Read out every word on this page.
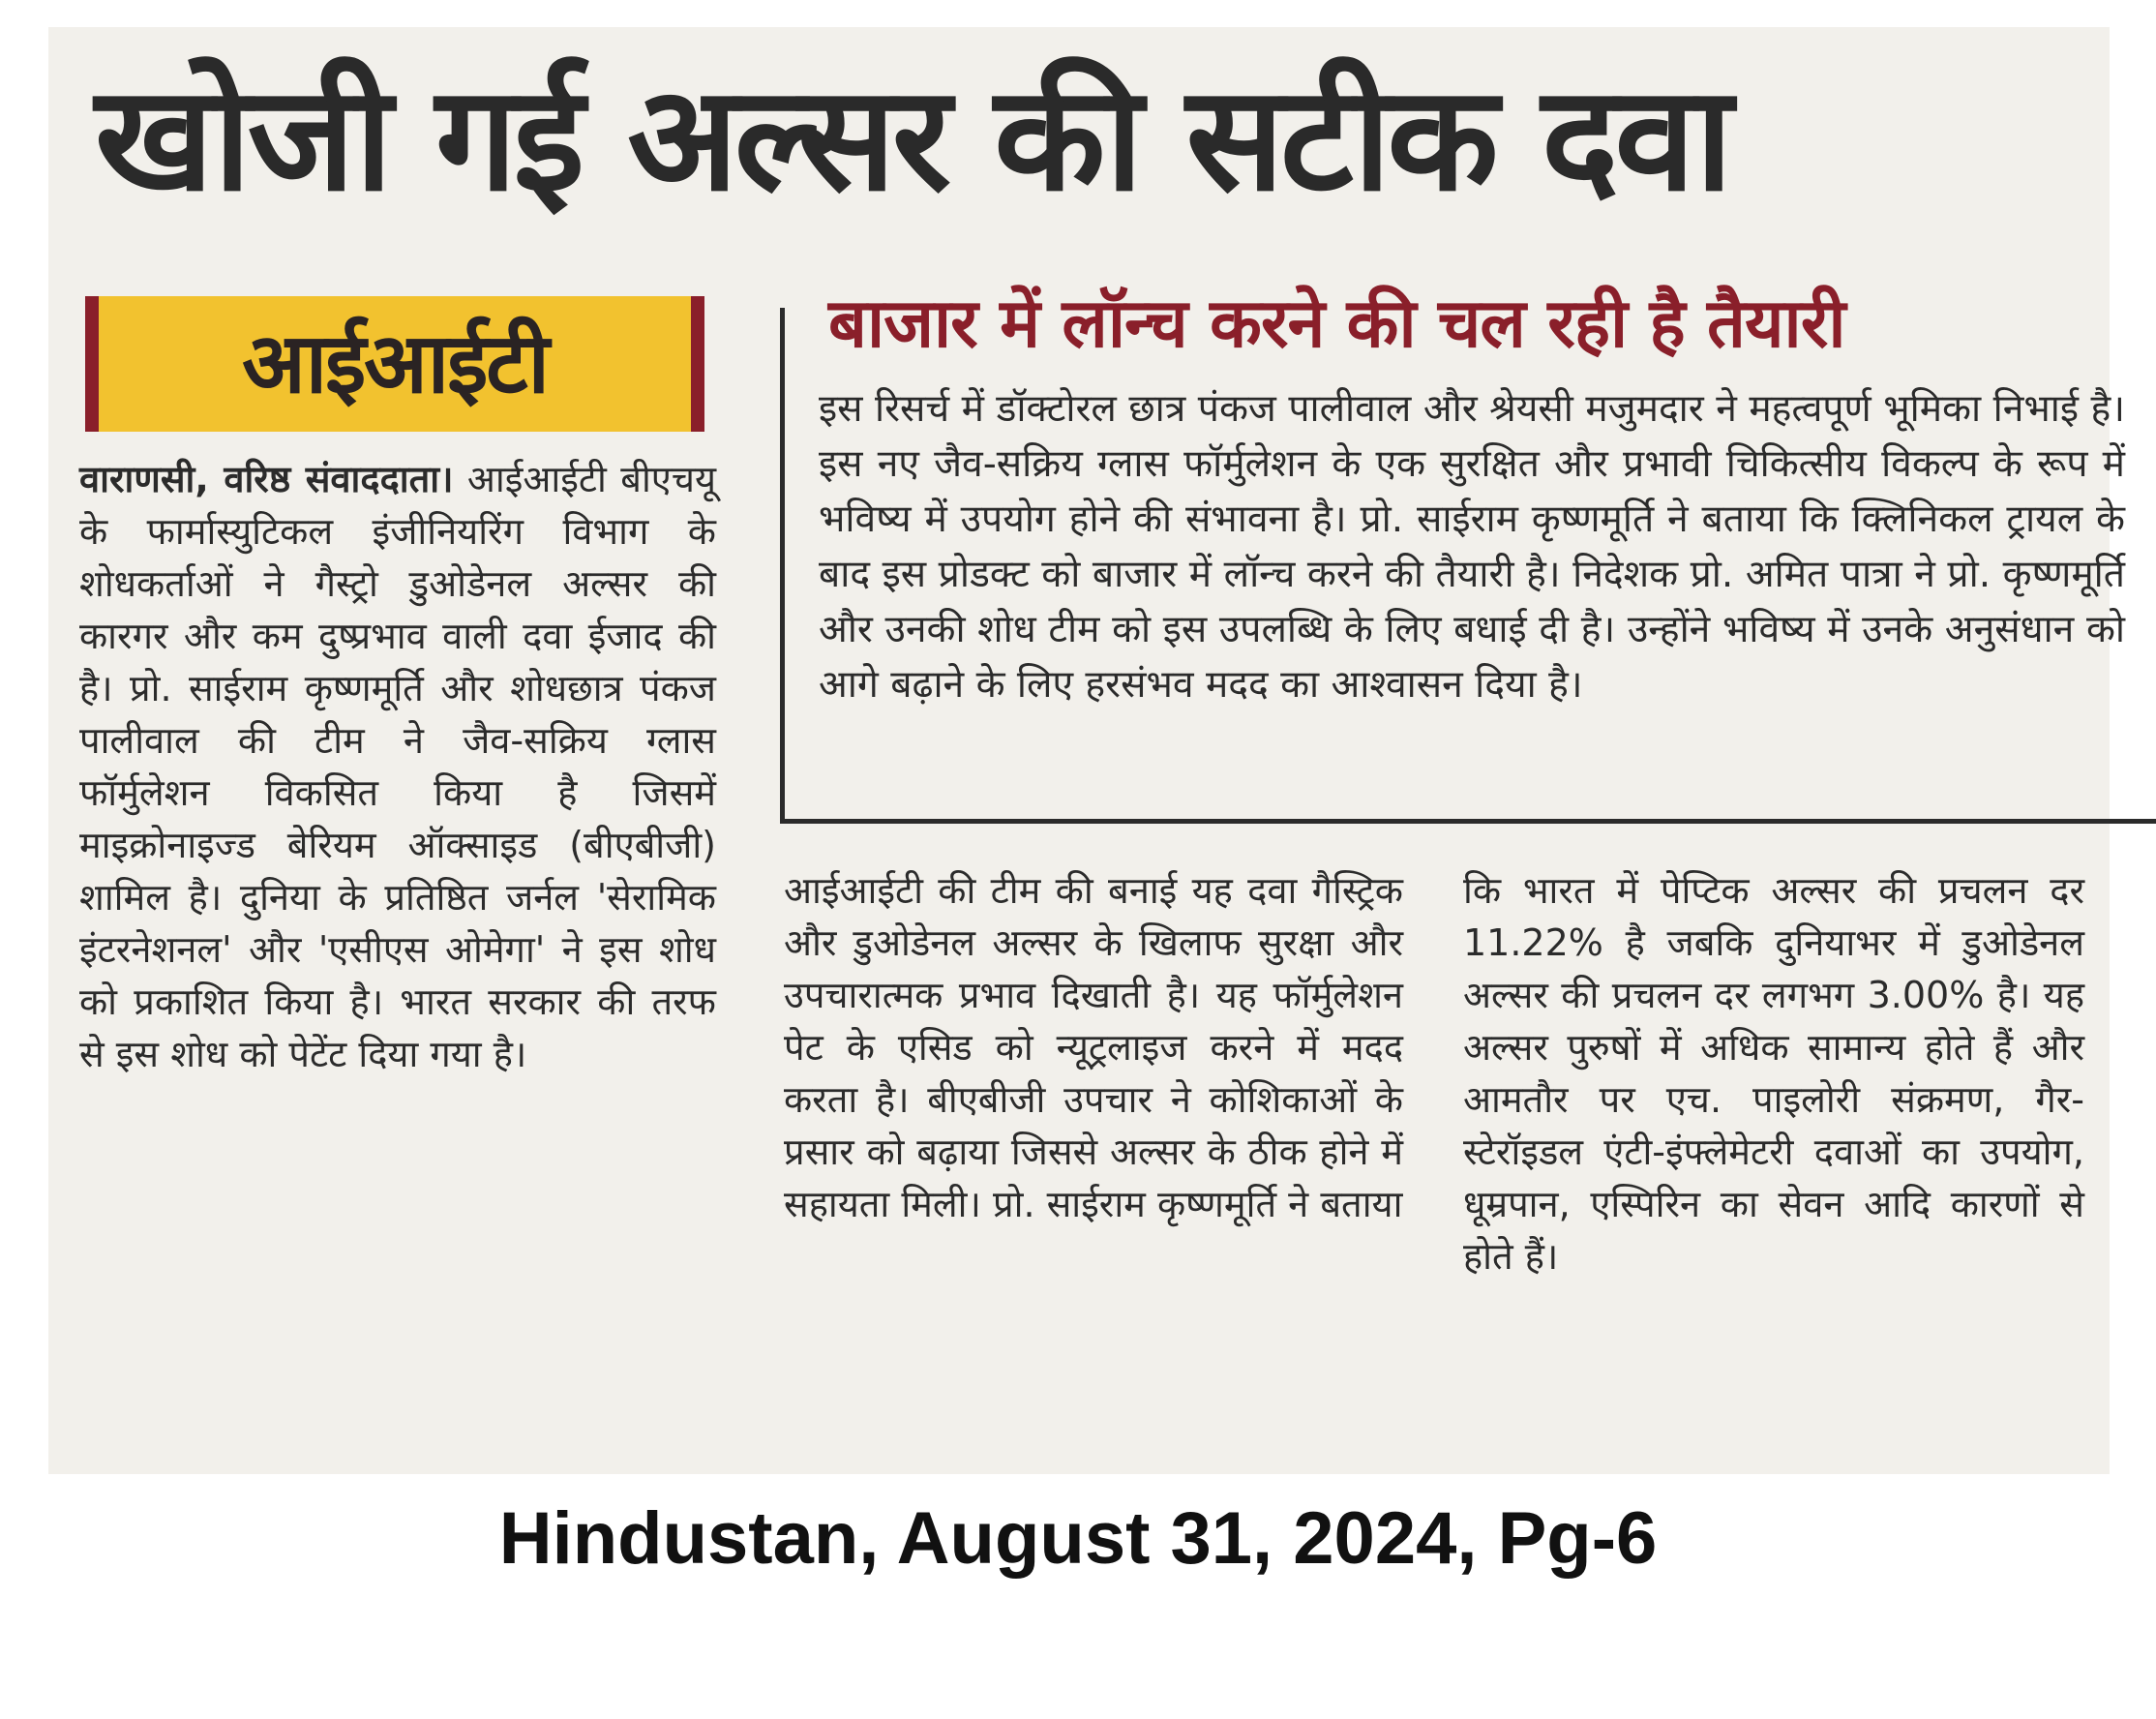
खोजी गई अल्सर की सटीक दवा
आईआईटी
वाराणसी, वरिष्ठ संवाददाता। आईआईटी बीएचयू के फार्मास्युटिकल इंजीनियरिंग विभाग के शोधकर्ताओं ने गैस्ट्रो डुओडेनल अल्सर की कारगर और कम दुष्प्रभाव वाली दवा ईजाद की है। प्रो. साईराम कृष्णमूर्ति और शोधछात्र पंकज पालीवाल की टीम ने जैव-सक्रिय ग्लास फॉर्मुलेशन विकसित किया है जिसमें माइक्रोनाइज्ड बेरियम ऑक्साइड (बीएबीजी) शामिल है। दुनिया के प्रतिष्ठित जर्नल 'सेरामिक इंटरनेशनल' और 'एसीएस ओमेगा' ने इस शोध को प्रकाशित किया है। भारत सरकार की तरफ से इस शोध को पेटेंट दिया गया है।
बाजार में लॉन्च करने की चल रही है तैयारी
इस रिसर्च में डॉक्टोरल छात्र पंकज पालीवाल और श्रेयसी मजुमदार ने महत्वपूर्ण भूमिका निभाई है। इस नए जैव-सक्रिय ग्लास फॉर्मुलेशन के एक सुरक्षित और प्रभावी चिकित्सीय विकल्प के रूप में भविष्य में उपयोग होने की संभावना है। प्रो. साईराम कृष्णमूर्ति ने बताया कि क्लिनिकल ट्रायल के बाद इस प्रोडक्ट को बाजार में लॉन्च करने की तैयारी है। निदेशक प्रो. अमित पात्रा ने प्रो. कृष्णमूर्ति और उनकी शोध टीम को इस उपलब्धि के लिए बधाई दी है। उन्होंने भविष्य में उनके अनुसंधान को आगे बढ़ाने के लिए हरसंभव मदद का आश्वासन दिया है।
आईआईटी की टीम की बनाई यह दवा गैस्ट्रिक और डुओडेनल अल्सर के खिलाफ सुरक्षा और उपचारात्मक प्रभाव दिखाती है। यह फॉर्मुलेशन पेट के एसिड को न्यूट्रलाइज करने में मदद करता है। बीएबीजी उपचार ने कोशिकाओं के प्रसार को बढ़ाया जिससे अल्सर के ठीक होने में सहायता मिली। प्रो. साईराम कृष्णमूर्ति ने बताया
कि भारत में पेप्टिक अल्सर की प्रचलन दर 11.22% है जबकि दुनियाभर में डुओडेनल अल्सर की प्रचलन दर लगभग 3.00% है। यह अल्सर पुरुषों में अधिक सामान्य होते हैं और आमतौर पर एच. पाइलोरी संक्रमण, गैर-स्टेरॉइडल एंटी-इंफ्लेमेटरी दवाओं का उपयोग, धूम्रपान, एस्पिरिन का सेवन आदि कारणों से होते हैं।
Hindustan, August 31, 2024, Pg-6
